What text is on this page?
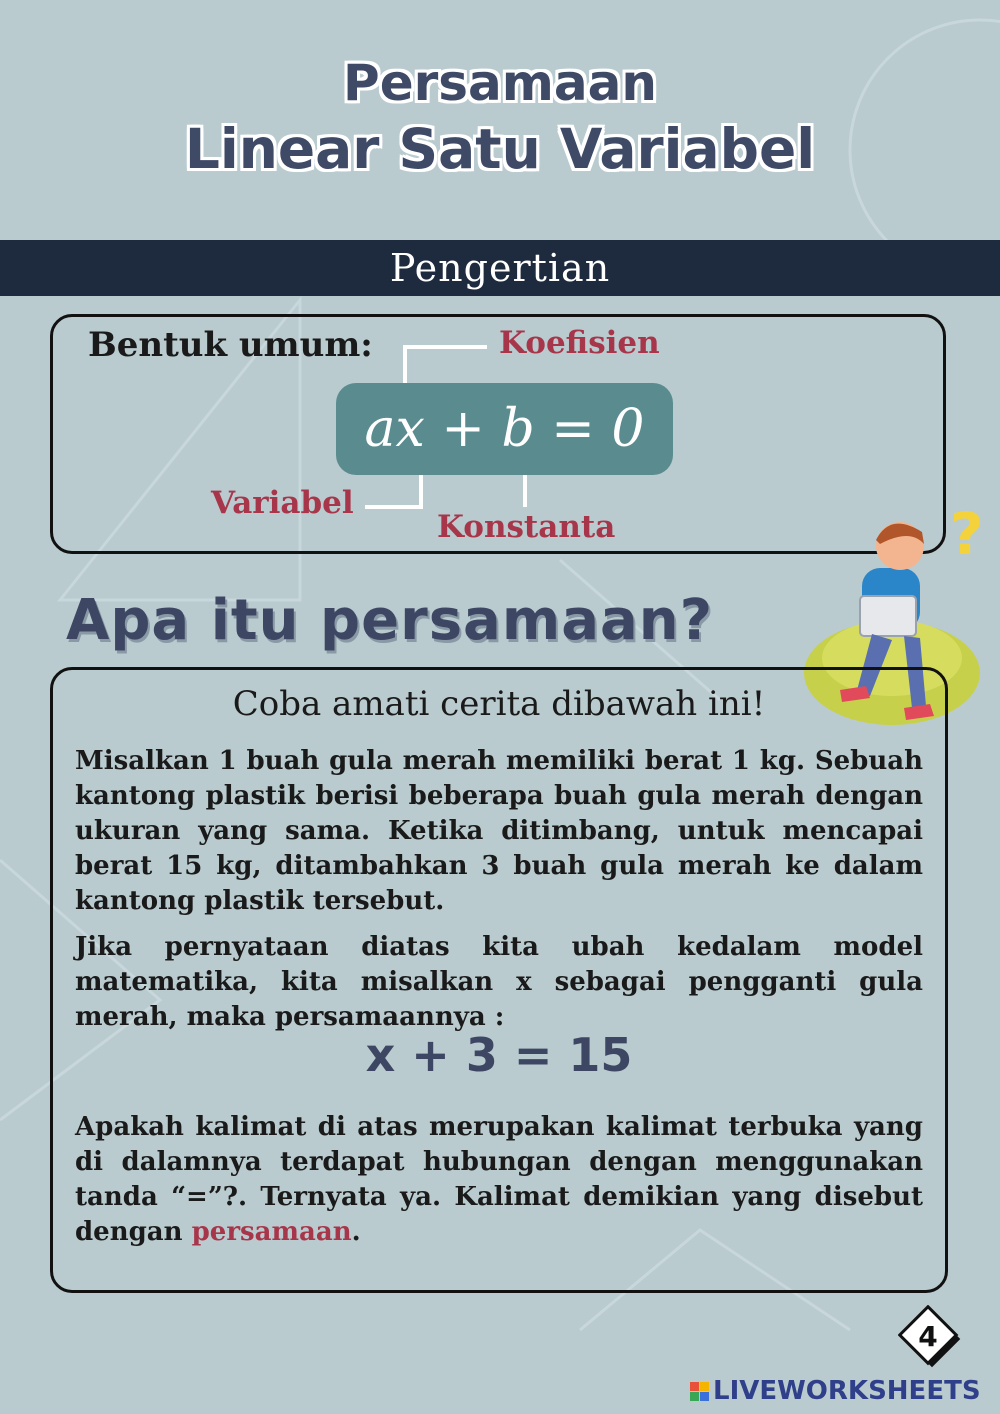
Persamaan
Linear Satu Variabel
Pengertian
Bentuk umum:	Koefisien
Variabel
Konstanta
ax + b = 0
?
Apa itu persamaan?
Coba amati cerita dibawah ini!
Misalkan 1 buah gula merah memiliki berat 1 kg. Sebuah kantong plastik berisi beberapa buah gula merah dengan ukuran yang sama. Ketika ditimbang, untuk mencapai berat 15 kg, ditambahkan 3 buah gula merah ke dalam kantong plastik tersebut.
Jika pernyataan diatas kita ubah kedalam model matematika, kita misalkan x sebagai pengganti gula merah, maka persamaannya :
x + 3 = 15
Apakah kalimat di atas merupakan kalimat terbuka yang di dalamnya terdapat hubungan dengan menggunakan tanda “=”?. Ternyata ya. Kalimat demikian yang disebut dengan persamaan.
4
LIVEWORKSHEETS
